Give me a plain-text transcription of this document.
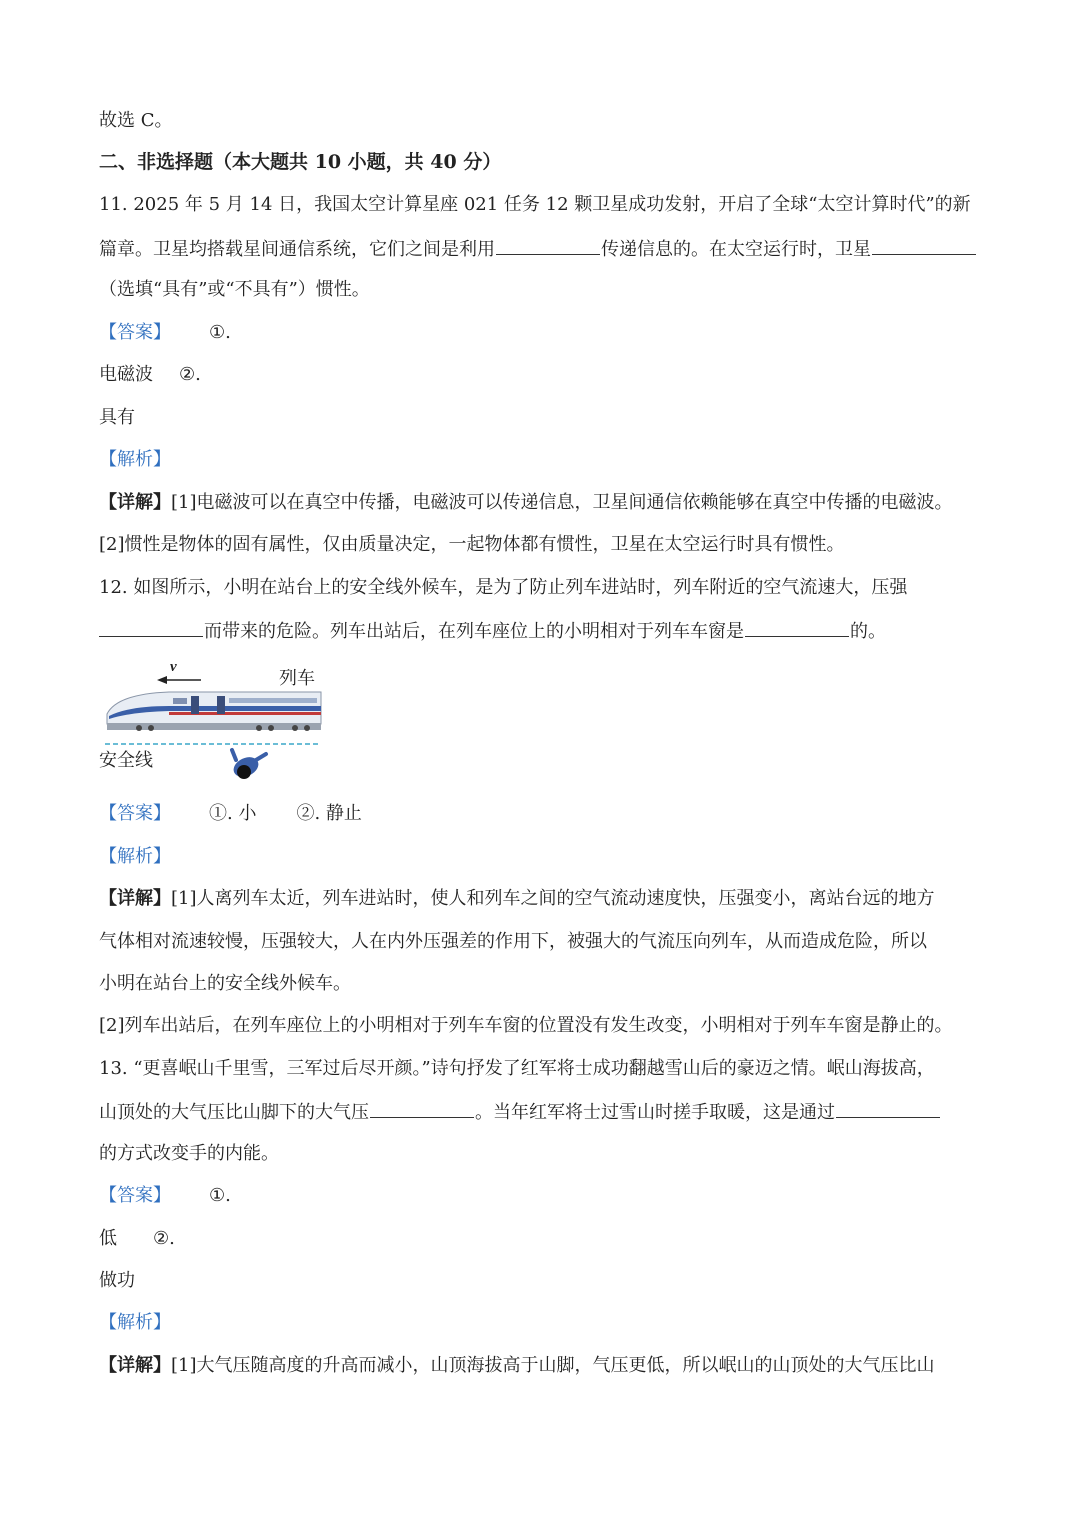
故选 C。
二、非选择题（本大题共 10 小题，共 40 分）
11. 2025 年 5 月 14 日，我国太空计算星座 021 任务 12 颗卫星成功发射，开启了全球“太空计算时代”的新
篇章。卫星均搭载星间通信系统，它们之间是利用	传递信息的。在太空运行时，卫星
（选填“具有”或“不具有”）惯性。
【答案】 ①.
电磁波 ②.
具有
【解析】
【详解】[1]电磁波可以在真空中传播，电磁波可以传递信息，卫星间通信依赖能够在真空中传播的电磁波。
[2]惯性是物体的固有属性，仅由质量决定，一起物体都有惯性，卫星在太空运行时具有惯性。
12. 如图所示，小明在站台上的安全线外候车，是为了防止列车进站时，列车附近的空气流速大，压强
而带来的危险。列车出站后，在列车座位上的小明相对于列车车窗是	的。
v
列车
安全线
【答案】 ①. 小 ②. 静止
【解析】
【详解】[1]人离列车太近，列车进站时，使人和列车之间的空气流动速度快，压强变小，离站台远的地方
气体相对流速较慢，压强较大，人在内外压强差的作用下，被强大的气流压向列车，从而造成危险，所以
小明在站台上的安全线外候车。
[2]列车出站后，在列车座位上的小明相对于列车车窗的位置没有发生改变，小明相对于列车车窗是静止的。
13. “更喜岷山千里雪，三军过后尽开颜。”诗句抒发了红军将士成功翻越雪山后的豪迈之情。岷山海拔高，
山顶处的大气压比山脚下的大气压	。当年红军将士过雪山时搓手取暖，这是通过
的方式改变手的内能。
【答案】 ①.
低 ②.
做功
【解析】
【详解】[1]大气压随高度的升高而减小，山顶海拔高于山脚，气压更低，所以岷山的山顶处的大气压比山
